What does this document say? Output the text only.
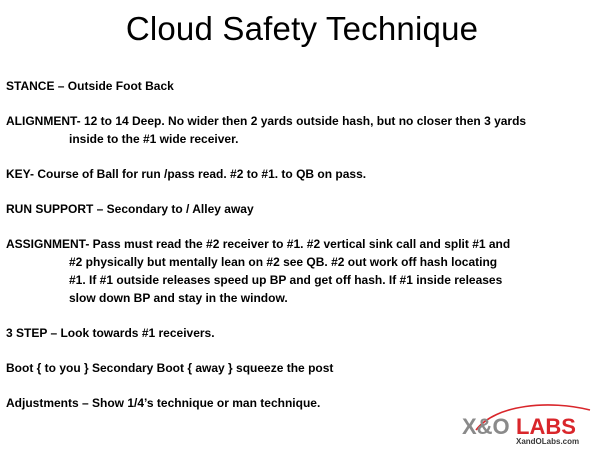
Cloud Safety Technique
STANCE – Outside Foot Back
ALIGNMENT- 12 to 14 Deep. No wider then 2 yards outside hash, but no closer then 3 yards
inside to the #1 wide receiver.
KEY- Course of Ball for run /pass read. #2 to #1. to QB on pass.
RUN SUPPORT – Secondary to / Alley away
ASSIGNMENT- Pass must read the #2 receiver to #1. #2 vertical sink call and split #1 and
#2 physically but mentally lean on #2 see QB. #2 out work off hash locating
#1. If #1 outside releases speed up BP and get off hash. If #1 inside releases
slow down BP and stay in the window.
3 STEP – Look towards #1 receivers.
Boot { to you } Secondary Boot { away } squeeze the post
Adjustments – Show 1/4’s technique or man technique.
X&O LABS
XandOLabs.com
